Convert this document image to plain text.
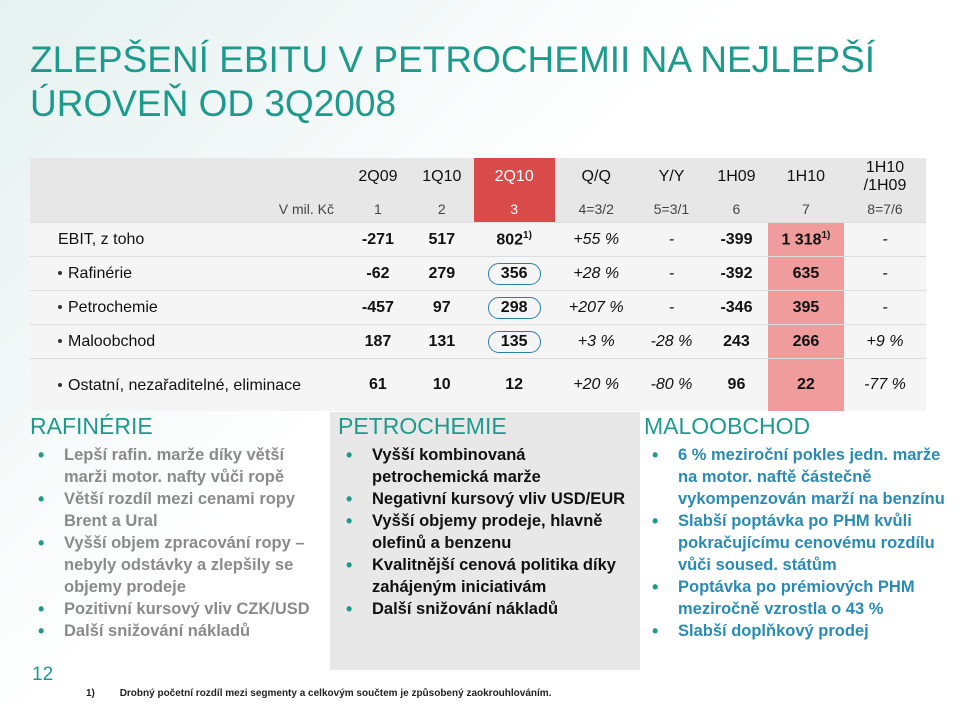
ZLEPŠENÍ EBITU V PETROCHEMII NA NEJLEPŠÍ ÚROVEŇ OD 3Q2008
	2Q09	1Q10	2Q10	Q/Q	Y/Y	1H09	1H10	1H10 /1H09
V mil. Kč	1	2	3	4=3/2	5=3/1	6	7	8=7/6
EBIT, z toho	-271	517	$802^{1)}$	+55 %	-	-399	1 318$^{1)}$	-
Rafinérie	-62	279	356	+28 %	-	-392	635	-
Petrochemie	-457	97	298	+207 %	-	-346	395	-
Maloobchod	187	131	135	+3 %	-28 %	243	266	+9 %
Ostatní, nezařaditelné, eliminace	61	10	12	+20 %	-80 %	96	22	-77 %
RAFINÉRIE
• Lepší rafin. marže díky větší marži motor. nafty vůči ropě
• Větší rozdíl mezi cenami ropy Brent a Ural
• Vyšší objem zpracování ropy – nebyly odstávky a zlepšily se objemy prodeje
• Pozitivní kursový vliv CZK/USD
• Další snižování nákladů
PETROCHEMIE
• Vyšší kombinovaná petrochemická marže
• Negativní kursový vliv USD/EUR
• Vyšší objemy prodeje, hlavně olefinů a benzenu
• Kvalitnější cenová politika díky zahájeným iniciativám
• Další snižování nákladů
MALOOBCHOD
• 6 % meziroční pokles jedn. marže na motor. naftě částečně vykompenzován marží na benzínu
• Slabší poptávka po PHM kvůli pokračujícímu cenovému rozdílu vůči soused. státům
• Poptávka po prémiových PHM meziročně vzrostla o 43 %
• Slabší doplňkový prodej
12
1) Drobný početní rozdíl mezi segmenty a celkovým součtem je způsobený zaokrouhlováním.
